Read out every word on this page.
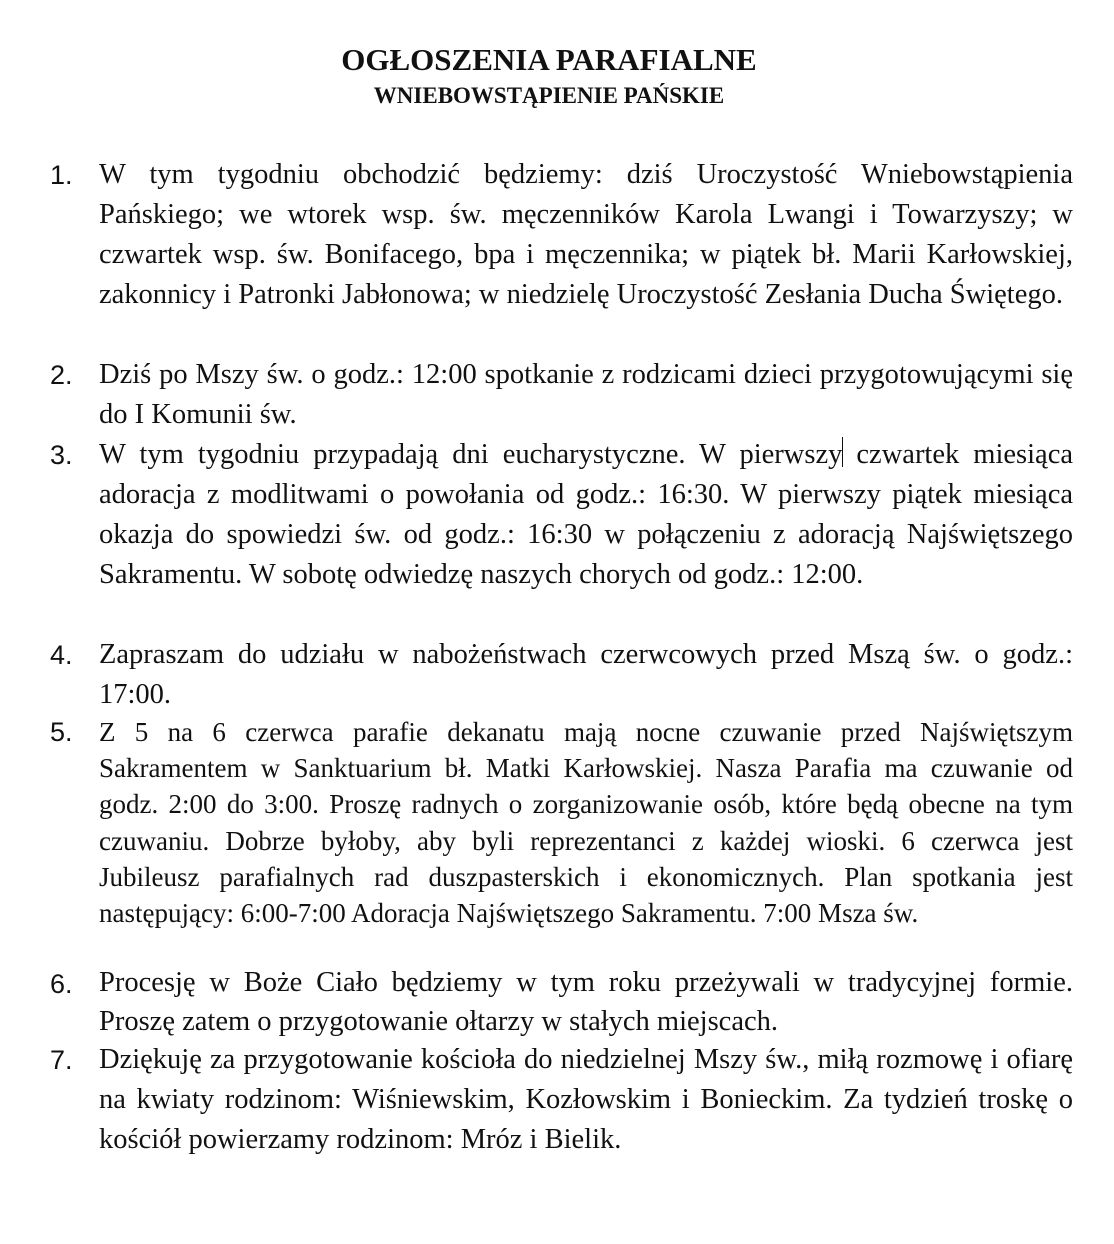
OGŁOSZENIA PARAFIALNE
WNIEBOWSTĄPIENIE PAŃSKIE
1. W tym tygodniu obchodzić będziemy: dziś Uroczystość Wniebowstąpienia Pańskiego; we wtorek wsp. św. męczenników Karola Lwangi i Towarzyszy; w czwartek wsp. św. Bonifacego, bpa i męczennika; w piątek bł. Marii Karłowskiej, zakonnicy i Patronki Jabłonowa; w niedzielę Uroczystość Zesłania Ducha Świętego.

2. Dziś po Mszy św. o godz.: 12:00 spotkanie z rodzicami dzieci przygotowującymi się do I Komunii św.

3. W tym tygodniu przypadają dni eucharystyczne. W pierwszy czwartek miesiąca adoracja z modlitwami o powołania od godz.: 16:30. W pierwszy piątek miesiąca okazja do spowiedzi św. od godz.: 16:30 w połączeniu z adoracją Najświętszego Sakramentu. W sobotę odwiedzę naszych chorych od godz.: 12:00.

4. Zapraszam do udziału w nabożeństwach czerwcowych przed Mszą św. o godz.: 17:00.

5. Z 5 na 6 czerwca parafie dekanatu mają nocne czuwanie przed Najświętszym Sakramentem w Sanktuarium bł. Matki Karłowskiej. Nasza Parafia ma czuwanie od godz. 2:00 do 3:00. Proszę radnych o zorganizowanie osób, które będą obecne na tym czuwaniu. Dobrze byłoby, aby byli reprezentanci z każdej wioski. 6 czerwca jest Jubileusz parafialnych rad duszpasterskich i ekonomicznych. Plan spotkania jest następujący: 6:00-7:00 Adoracja Najświętszego Sakramentu. 7:00 Msza św.

6. Procesję w Boże Ciało będziemy w tym roku przeżywali w tradycyjnej formie. Proszę zatem o przygotowanie ołtarzy w stałych miejscach.

7. Dziękuję za przygotowanie kościoła do niedzielnej Mszy św., miłą rozmowę i ofiarę na kwiaty rodzinom: Wiśniewskim, Kozłowskim i Bonieckim. Za tydzień troskę o kościół powierzamy rodzinom: Mróz i Bielik.
